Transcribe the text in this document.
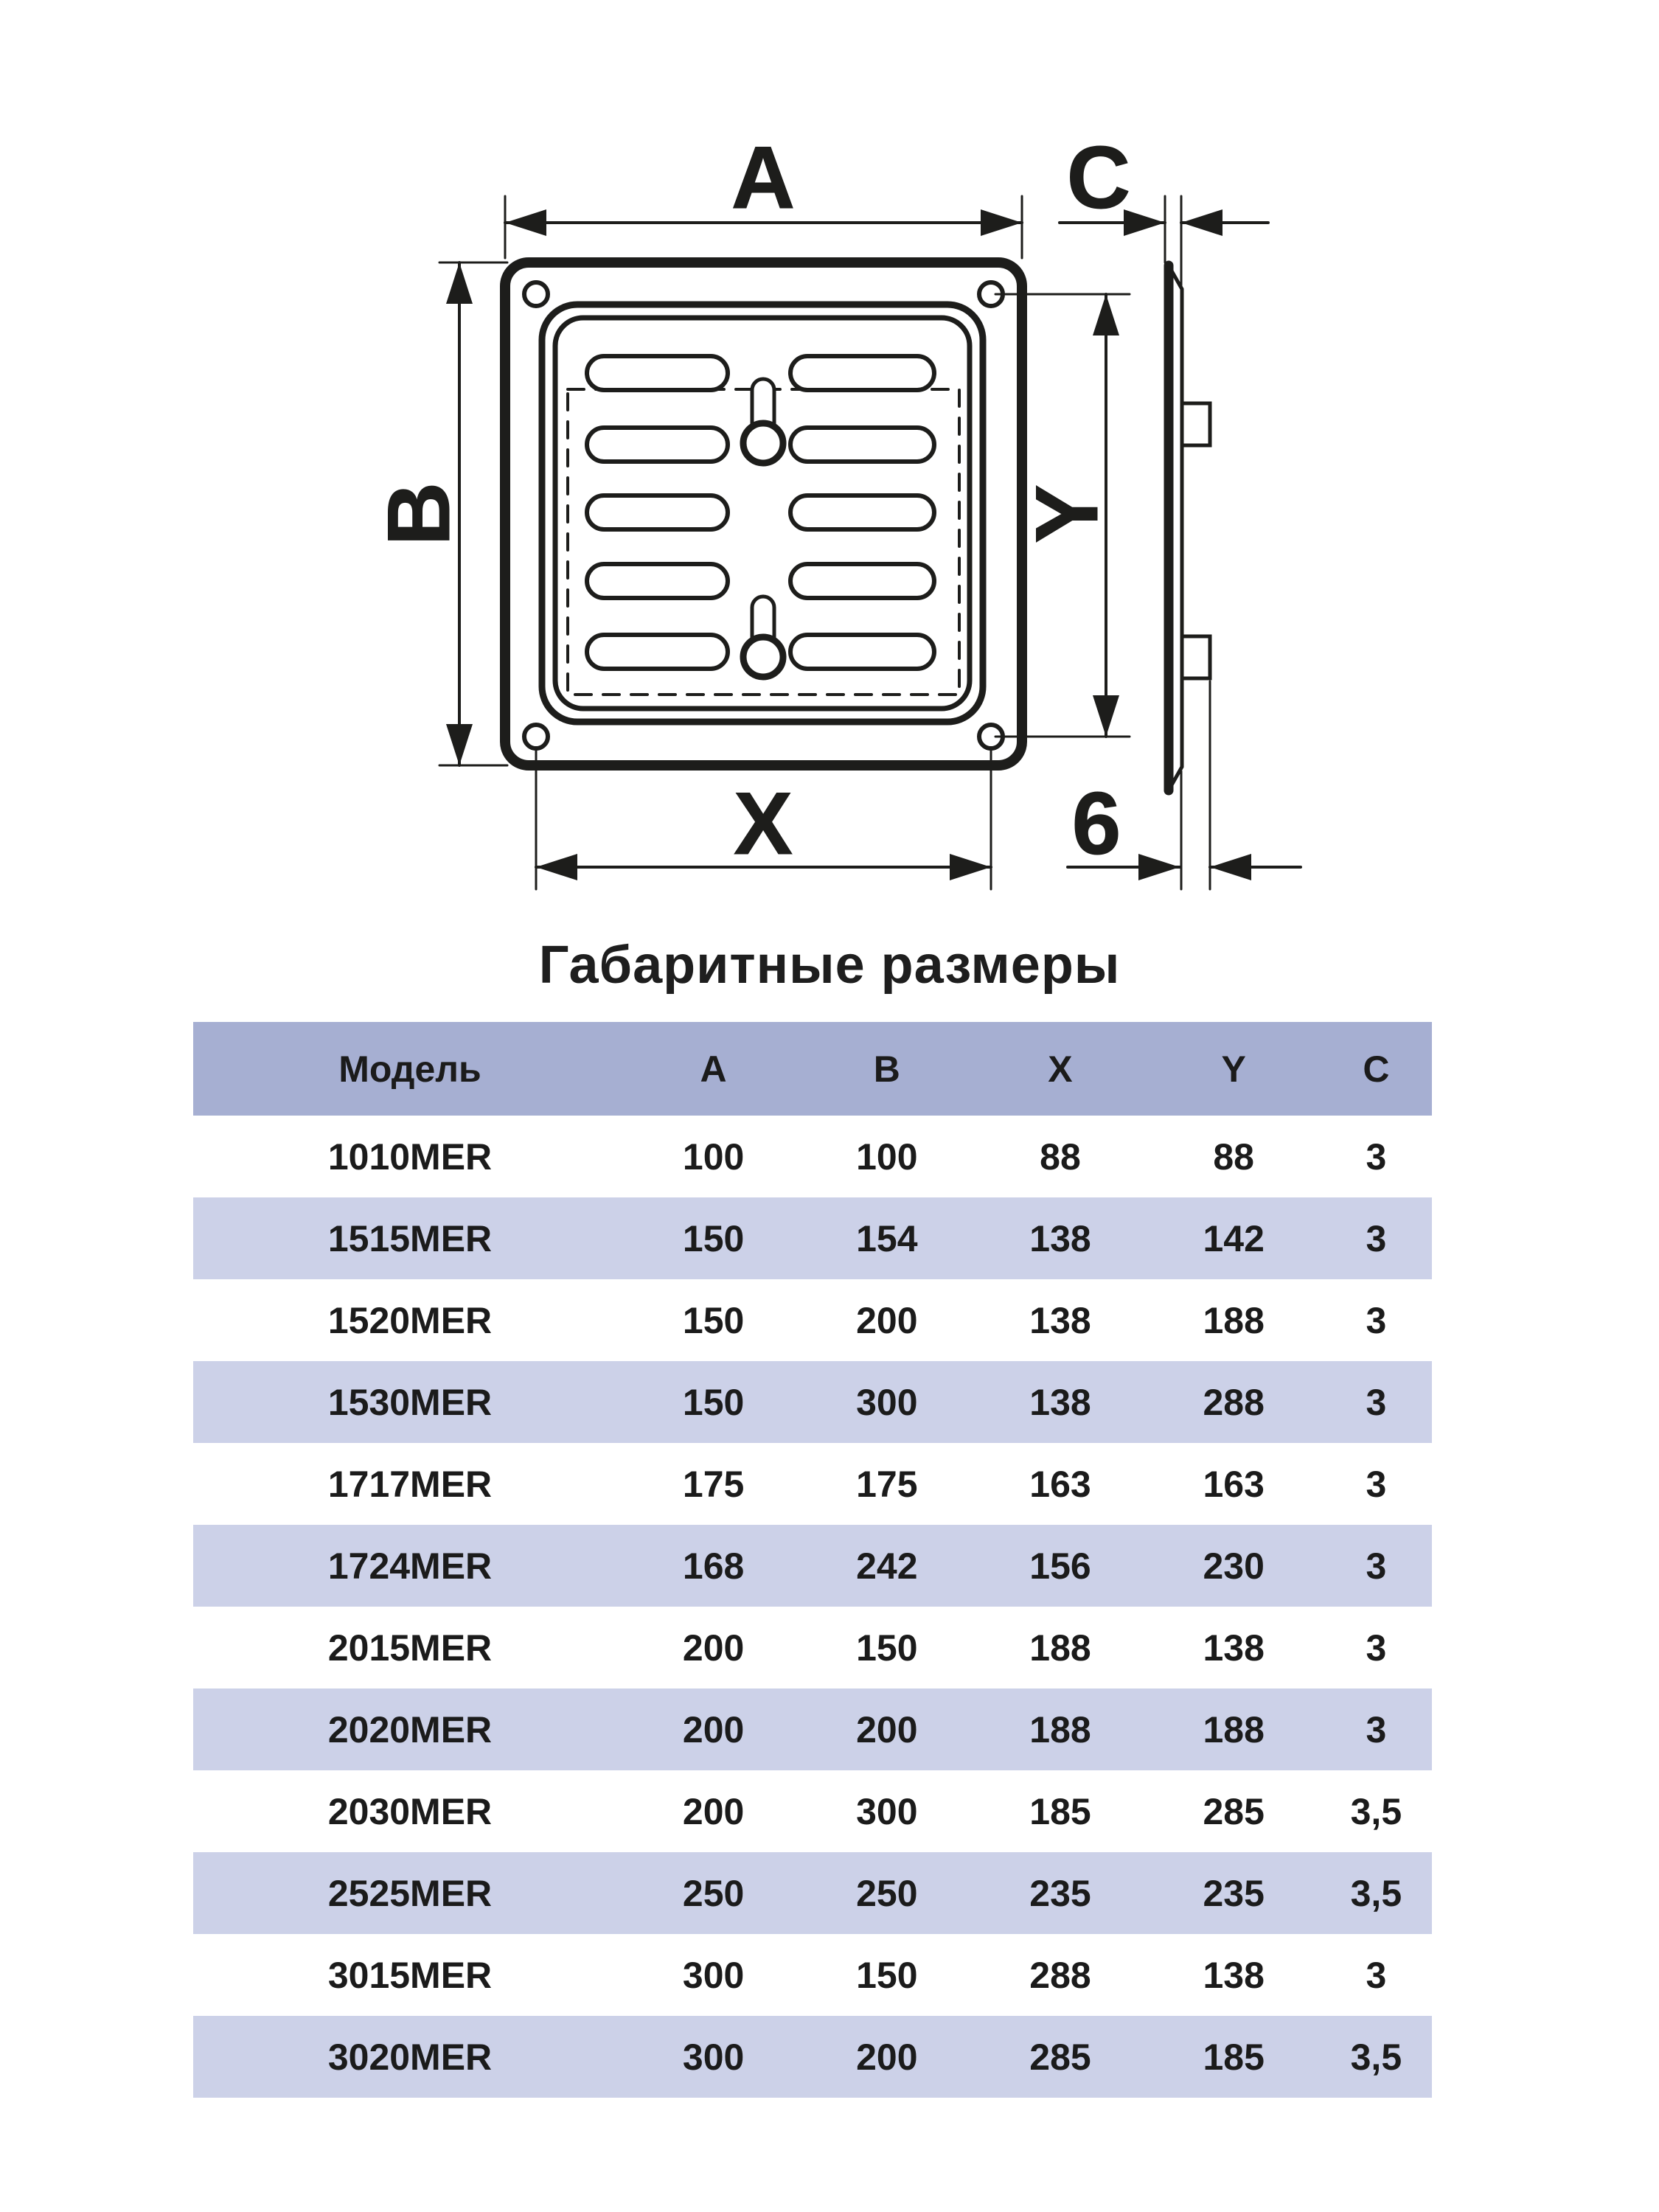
A	C
B	Y
X	6
Габаритные размеры
Модель	A	B	X	Y	C
1010MER	100	100	88	88	3
1515MER	150	154	138	142	3
1520MER	150	200	138	188	3
1530MER	150	300	138	288	3
1717MER	175	175	163	163	3
1724MER	168	242	156	230	3
2015MER	200	150	188	138	3
2020MER	200	200	188	188	3
2030MER	200	300	185	285	3,5
2525MER	250	250	235	235	3,5
3015MER	300	150	288	138	3
3020MER	300	200	285	185	3,5
